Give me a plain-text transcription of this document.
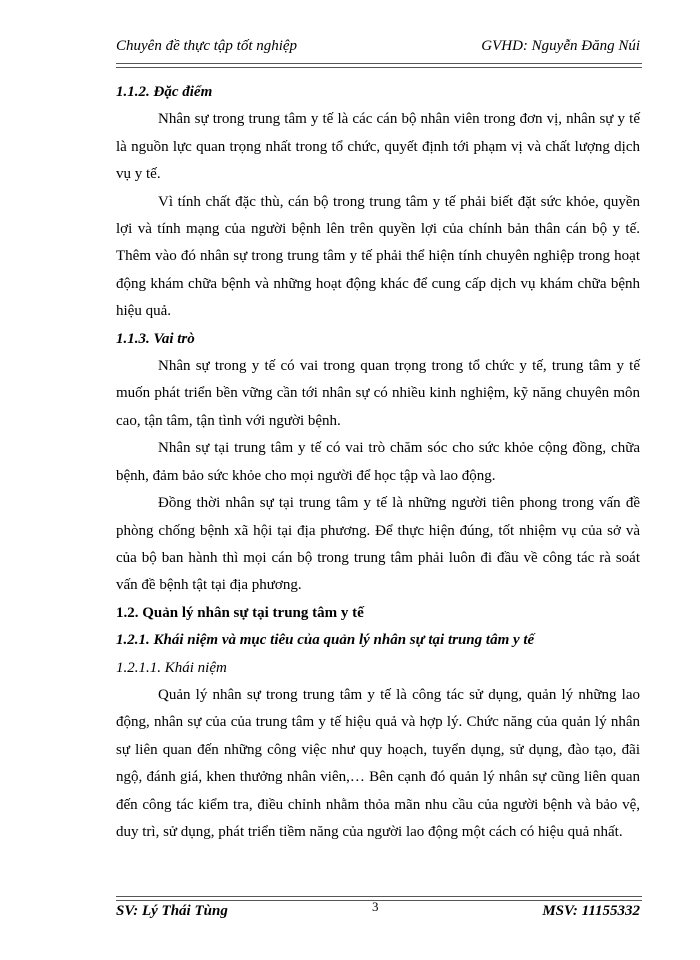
Chuyên đề thực tập tốt nghiệp	GVHD: Nguyễn Đăng Núi

1.1.2. Đặc điểm

Nhân sự trong trung tâm y tế là các cán bộ nhân viên trong đơn vị, nhân sự y tế là nguồn lực quan trọng nhất trong tổ chức, quyết định tới phạm vị và chất lượng dịch vụ y tế.

Vì tính chất đặc thù, cán bộ trong trung tâm y tế phải biết đặt sức khỏe, quyền lợi và tính mạng của người bệnh lên trên quyền lợi của chính bản thân cán bộ y tế. Thêm vào đó nhân sự trong trung tâm y tế phải thể hiện tính chuyên nghiệp trong hoạt động khám chữa bệnh và những hoạt động khác để cung cấp dịch vụ khám chữa bệnh hiệu quả.

1.1.3. Vai trò

Nhân sự trong y tế có vai trong quan trọng trong tổ chức y tế, trung tâm y tế muốn phát triển bền vững cần tới nhân sự có nhiều kinh nghiệm, kỹ năng chuyên môn cao, tận tâm, tận tình với người bệnh.

Nhân sự tại trung tâm y tế có vai trò chăm sóc cho sức khỏe cộng đồng, chữa bệnh, đảm bảo sức khỏe cho mọi người để học tập và lao động.

Đồng thời nhân sự tại trung tâm y tế là những người tiên phong trong vấn đề phòng chống bệnh xã hội tại địa phương. Để thực hiện đúng, tốt nhiệm vụ của sở và của bộ ban hành thì mọi cán bộ trong trung tâm phải luôn đi đầu về công tác rà soát vấn đề bệnh tật tại địa phương.

1.2. Quản lý nhân sự tại trung tâm y tế

1.2.1. Khái niệm và mục tiêu của quản lý nhân sự tại trung tâm y tế

1.2.1.1. Khái niệm

Quản lý nhân sự trong trung tâm y tế là công tác sử dụng, quản lý những lao động, nhân sự của của trung tâm y tế hiệu quả và hợp lý. Chức năng của quản lý nhân sự liên quan đến những công việc như quy hoạch, tuyển dụng, sử dụng, đào tạo, đãi ngộ, đánh giá, khen thưởng nhân viên,… Bên cạnh đó quản lý nhân sự cũng liên quan đến công tác kiểm tra, điều chỉnh nhằm thỏa mãn nhu cầu của người bệnh và bảo vệ, duy trì, sử dụng, phát triển tiềm năng của người lao động một cách có hiệu quả nhất.

SV: Lý Thái Tùng	3	MSV: 11155332
